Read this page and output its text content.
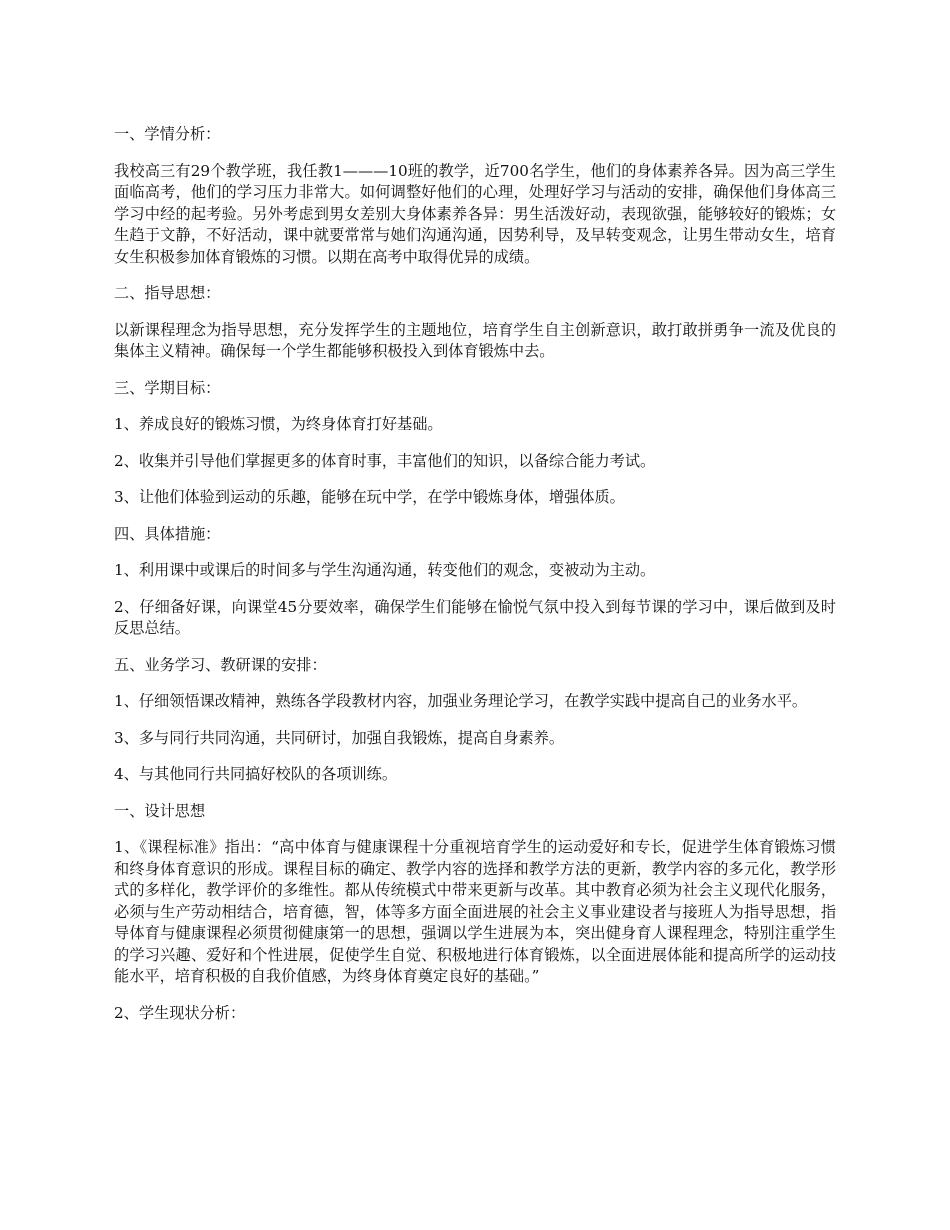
一、学情分析：

我校高三有29个教学班，我任教1———10班的教学，近700名学生，他们的身体素养各异。因为高三学生面临高考，他们的学习压力非常大。如何调整好他们的心理，处理好学习与活动的安排，确保他们身体高三学习中经的起考验。另外考虑到男女差别大身体素养各异：男生活泼好动，表现欲强，能够较好的锻炼；女生趋于文静，不好活动，课中就要常常与她们沟通沟通，因势利导，及早转变观念，让男生带动女生，培育女生积极参加体育锻炼的习惯。以期在高考中取得优异的成绩。

二、指导思想：

以新课程理念为指导思想，充分发挥学生的主题地位，培育学生自主创新意识，敢打敢拼勇争一流及优良的集体主义精神。确保每一个学生都能够积极投入到体育锻炼中去。

三、学期目标：

1、养成良好的锻炼习惯，为终身体育打好基础。

2、收集并引导他们掌握更多的体育时事，丰富他们的知识，以备综合能力考试。

3、让他们体验到运动的乐趣，能够在玩中学，在学中锻炼身体，增强体质。

四、具体措施：

1、利用课中或课后的时间多与学生沟通沟通，转变他们的观念，变被动为主动。

2、仔细备好课，向课堂45分要效率，确保学生们能够在愉悦气氛中投入到每节课的学习中，课后做到及时反思总结。

五、业务学习、教研课的安排：

1、仔细领悟课改精神，熟练各学段教材内容，加强业务理论学习，在教学实践中提高自己的业务水平。

3、多与同行共同沟通，共同研讨，加强自我锻炼，提高自身素养。

4、与其他同行共同搞好校队的各项训练。

一、设计思想

1、《课程标准》指出：“高中体育与健康课程十分重视培育学生的运动爱好和专长，促进学生体育锻炼习惯和终身体育意识的形成。课程目标的确定、教学内容的选择和教学方法的更新，教学内容的多元化，教学形式的多样化，教学评价的多维性。都从传统模式中带来更新与改革。其中教育必须为社会主义现代化服务，必须与生产劳动相结合，培育德，智，体等多方面全面进展的社会主义事业建设者与接班人为指导思想，指导体育与健康课程必须贯彻健康第一的思想，强调以学生进展为本，突出健身育人课程理念，特别注重学生的学习兴趣、爱好和个性进展，促使学生自觉、积极地进行体育锻炼，以全面进展体能和提高所学的运动技能水平，培育积极的自我价值感，为终身体育奠定良好的基础。”

2、学生现状分析：
